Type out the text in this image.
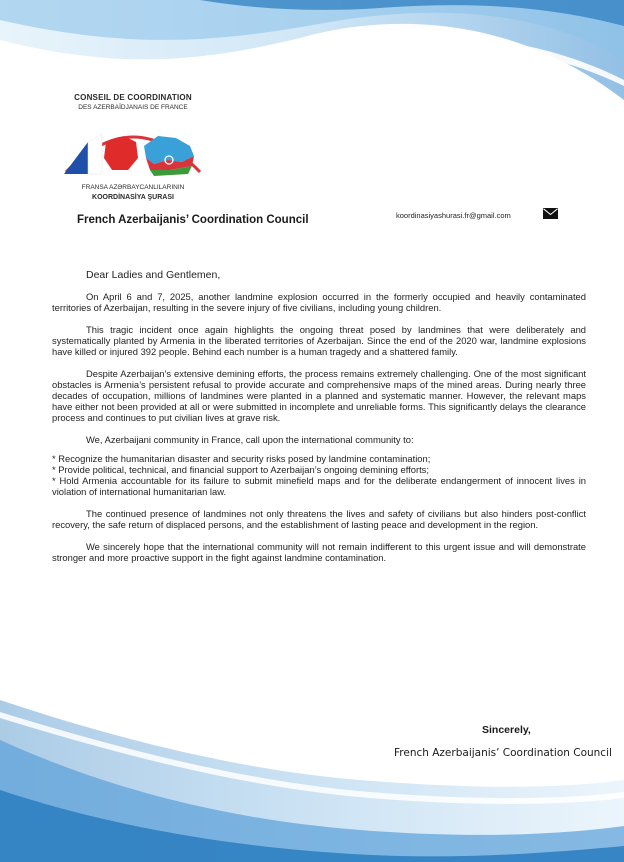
CONSEIL DE COORDINATION
DES AZERBAÏDJANAIS DE FRANCE
FRANSA AZƏRBAYCANLILARININ
KOORDİNASİYA ŞURASI
French Azerbaijanis’ Coordination Council	koordinasiyashurasi.fr@gmail.com
Dear Ladies and Gentlemen,
On April 6 and 7, 2025, another landmine explosion occurred in the formerly occupied and heavily contaminated territories of Azerbaijan, resulting in the severe injury of five civilians, including young children.
This tragic incident once again highlights the ongoing threat posed by landmines that were deliberately and systematically planted by Armenia in the liberated territories of Azerbaijan. Since the end of the 2020 war, landmine explosions have killed or injured 392 people. Behind each number is a human tragedy and a shattered family.
Despite Azerbaijan’s extensive demining efforts, the process remains extremely challenging. One of the most significant obstacles is Armenia’s persistent refusal to provide accurate and comprehensive maps of the mined areas. During nearly three decades of occupation, millions of landmines were planted in a planned and systematic manner. However, the relevant maps have either not been provided at all or were submitted in incomplete and unreliable forms. This significantly delays the clearance process and continues to put civilian lives at grave risk.
We, Azerbaijani community in France, call upon the international community to:
* Recognize the humanitarian disaster and security risks posed by landmine contamination;
* Provide political, technical, and financial support to Azerbaijan’s ongoing demining efforts;
* Hold Armenia accountable for its failure to submit minefield maps and for the deliberate endangerment of innocent lives in violation of international humanitarian law.
The continued presence of landmines not only threatens the lives and safety of civilians but also hinders post-conflict recovery, the safe return of displaced persons, and the establishment of lasting peace and development in the region.
We sincerely hope that the international community will not remain indifferent to this urgent issue and will demonstrate stronger and more proactive support in the fight against landmine contamination.
Sincerely,
French Azerbaijanis’ Coordination Council
